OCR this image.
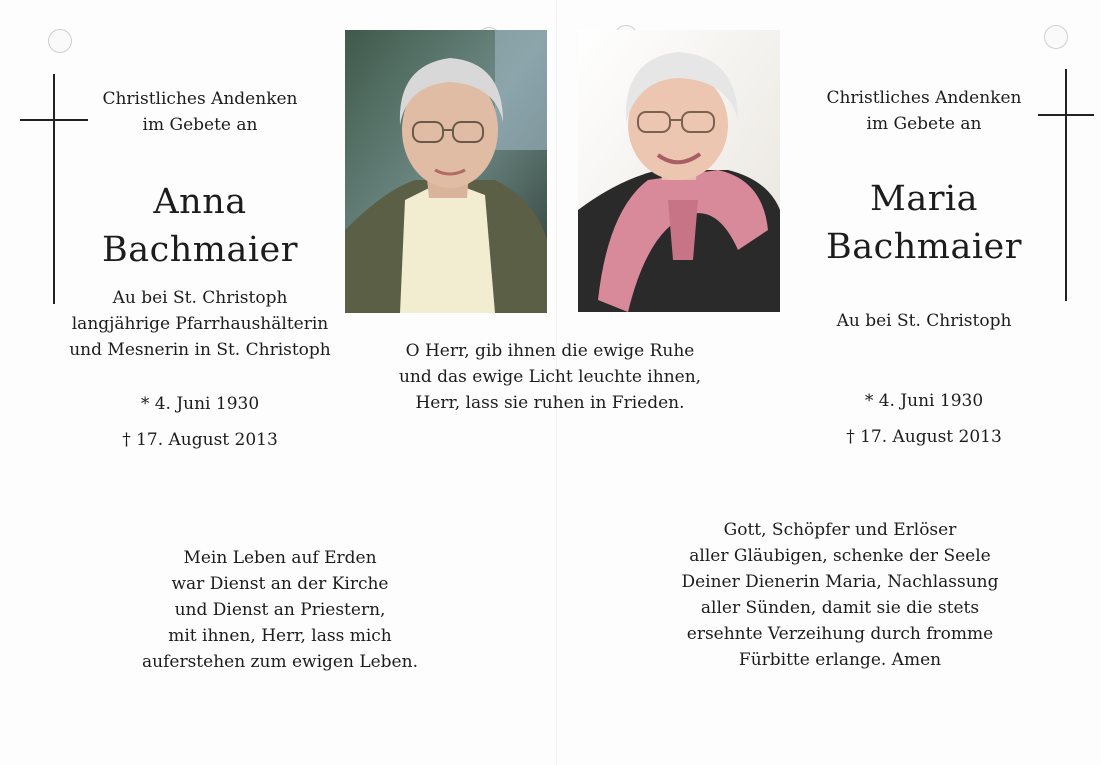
Christliches Andenken
im Gebete an
Anna
Bachmaier
Au bei St. Christoph
langjährige Pfarrhaushälterin
und Mesnerin in St. Christoph
* 4. Juni 1930
† 17. August 2013
Mein Leben auf Erden
war Dienst an der Kirche
und Dienst an Priestern,
mit ihnen, Herr, lass mich
auferstehen zum ewigen Leben.
O Herr, gib ihnen die ewige Ruhe
und das ewige Licht leuchte ihnen,
Herr, lass sie ruhen in Frieden.
Christliches Andenken
im Gebete an
Maria
Bachmaier
Au bei St. Christoph
* 4. Juni 1930
† 17. August 2013
Gott, Schöpfer und Erlöser
aller Gläubigen, schenke der Seele
Deiner Dienerin Maria, Nachlassung
aller Sünden, damit sie die stets
ersehnte Verzeihung durch fromme
Fürbitte erlange. Amen
